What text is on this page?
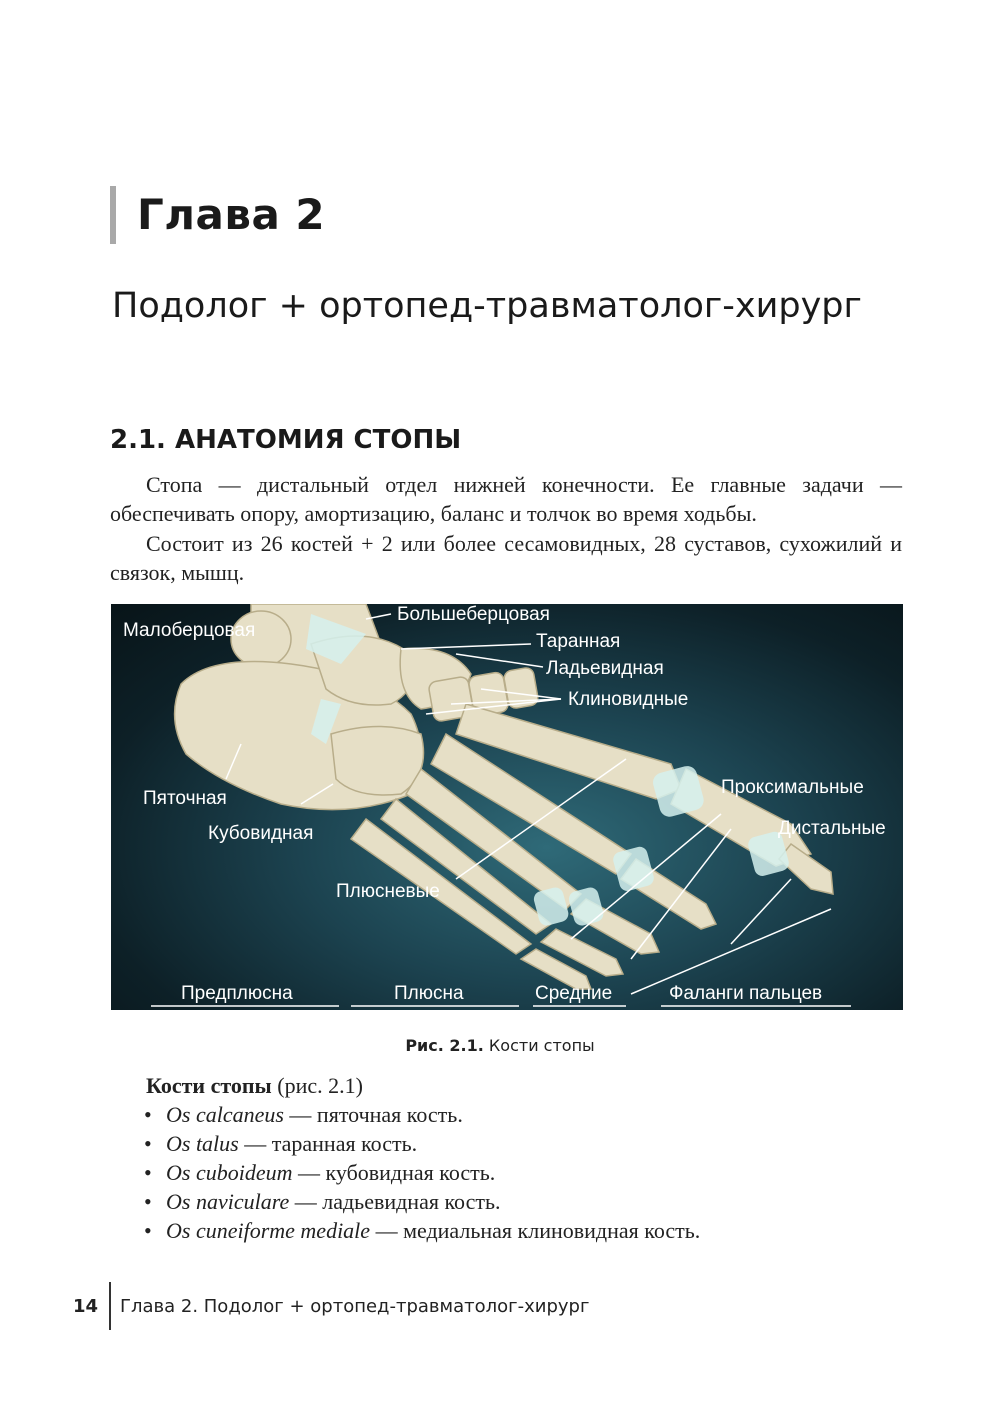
Глава 2
Подолог + ортопед-травматолог-хирург
2.1. АНАТОМИЯ СТОПЫ
Стопа — дистальный отдел нижней конечности. Ее главные задачи — обеспечивать опору, амортизацию, баланс и толчок во время ходьбы.
Состоит из 26 костей + 2 или более сесамовидных, 28 суставов, сухожилий и связок, мышц.
Большеберцовая
Малоберцовая
Таранная
Ладьевидная
Клиновидные
Пяточная
Кубовидная
Плюсневые
Проксимальные
Дистальные
Предплюсна	Плюсна	Средние	Фаланги пальцев
Рис. 2.1. Кости стопы
Кости стопы (рис. 2.1)
• Os calcaneus — пяточная кость.
• Os talus — таранная кость.
• Os cuboideum — кубовидная кость.
• Os naviculare — ладьевидная кость.
• Os cuneiforme mediale — медиальная клиновидная кость.
14 Глава 2. Подолог + ортопед-травматолог-хирург
